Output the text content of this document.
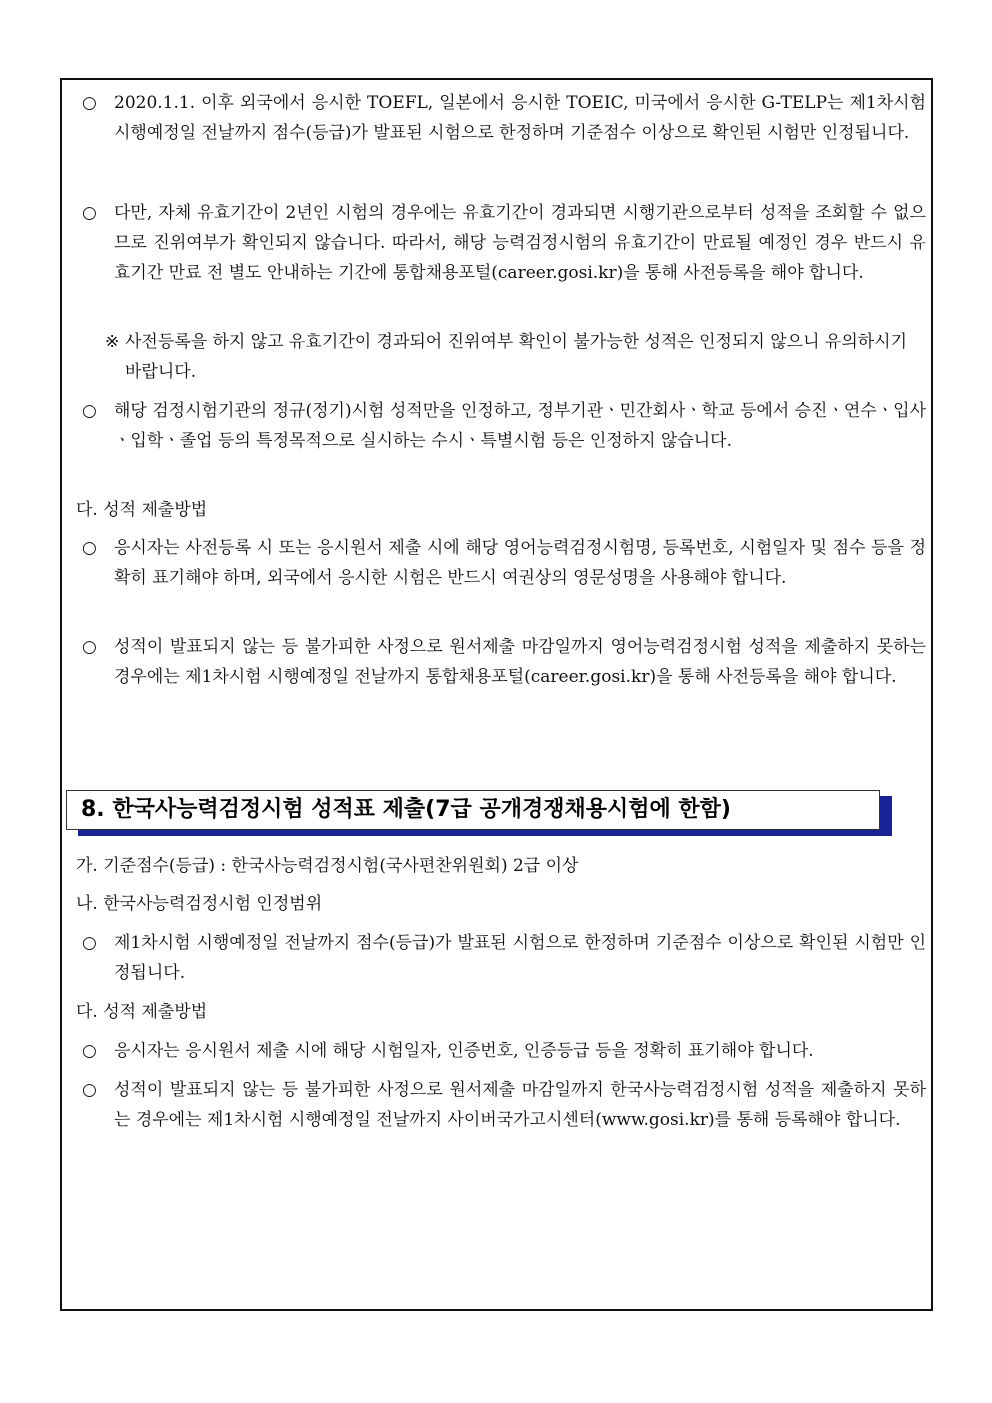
○	2020.1.1. 이후 외국에서 응시한 TOEFL, 일본에서 응시한 TOEIC, 미국에서 응시한 G-TELP는 제1차시험 시행예정일 전날까지 점수(등급)가 발표된 시험으로 한정하며 기준점수 이상으로 확인된 시험만 인정됩니다.
○	다만, 자체 유효기간이 2년인 시험의 경우에는 유효기간이 경과되면 시행기관으로부터 성적을 조회할 수 없으므로 진위여부가 확인되지 않습니다. 따라서, 해당 능력검정시험의 유효기간이 만료될 예정인 경우 반드시 유효기간 만료 전 별도 안내하는 기간에 통합채용포털(career.gosi.kr)을 통해 사전등록을 해야 합니다.
※ 사전등록을 하지 않고 유효기간이 경과되어 진위여부 확인이 불가능한 성적은 인정되지 않으니 유의하시기 바랍니다.
○	해당 검정시험기관의 정규(정기)시험 성적만을 인정하고, 정부기관ㆍ민간회사ㆍ학교 등에서 승진ㆍ연수ㆍ입사ㆍ입학ㆍ졸업 등의 특정목적으로 실시하는 수시ㆍ특별시험 등은 인정하지 않습니다.
다. 성적 제출방법
○	응시자는 사전등록 시 또는 응시원서 제출 시에 해당 영어능력검정시험명, 등록번호, 시험일자 및 점수 등을 정확히 표기해야 하며, 외국에서 응시한 시험은 반드시 여권상의 영문성명을 사용해야 합니다.
○	성적이 발표되지 않는 등 불가피한 사정으로 원서제출 마감일까지 영어능력검정시험 성적을 제출하지 못하는 경우에는 제1차시험 시행예정일 전날까지 통합채용포털(career.gosi.kr)을 통해 사전등록을 해야 합니다.
8. 한국사능력검정시험 성적표 제출(7급 공개경쟁채용시험에 한함)
가. 기준점수(등급) : 한국사능력검정시험(국사편찬위원회) 2급 이상
나. 한국사능력검정시험 인정범위
○	제1차시험 시행예정일 전날까지 점수(등급)가 발표된 시험으로 한정하며 기준점수 이상으로 확인된 시험만 인정됩니다.
다. 성적 제출방법
○	응시자는 응시원서 제출 시에 해당 시험일자, 인증번호, 인증등급 등을 정확히 표기해야 합니다.
○	성적이 발표되지 않는 등 불가피한 사정으로 원서제출 마감일까지 한국사능력검정시험 성적을 제출하지 못하는 경우에는 제1차시험 시행예정일 전날까지 사이버국가고시센터(www.gosi.kr)를 통해 등록해야 합니다.
